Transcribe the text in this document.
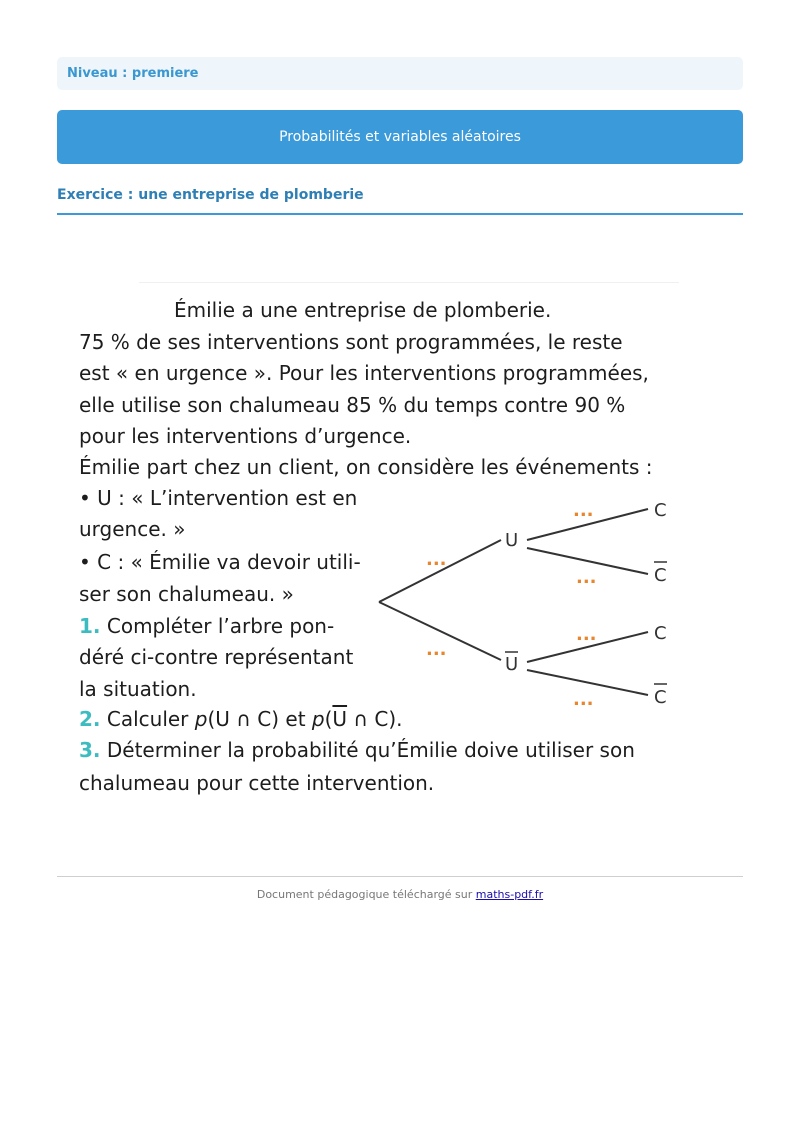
Niveau : premiere
Probabilités et variables aléatoires
Exercice : une entreprise de plomberie
Émilie a une entreprise de plomberie.
75 % de ses interventions sont programmées, le reste
est « en urgence ». Pour les interventions programmées,
elle utilise son chalumeau 85 % du temps contre 90 %
pour les interventions d’urgence.
Émilie part chez un client, on considère les événements :
• U : « L’intervention est en
urgence. »
• C : « Émilie va devoir utili-
ser son chalumeau. »
1. Compléter l’arbre pon-
déré ci-contre représentant
la situation.
2. Calculer p(U ∩ C) et $p(\overline{U}$ ∩ C).
3. Déterminer la probabilité qu’Émilie doive utiliser son
chalumeau pour cette intervention.
U
U
C
C
C
C
...
...
...
...
...
...
Document pédagogique téléchargé sur maths-pdf.fr
